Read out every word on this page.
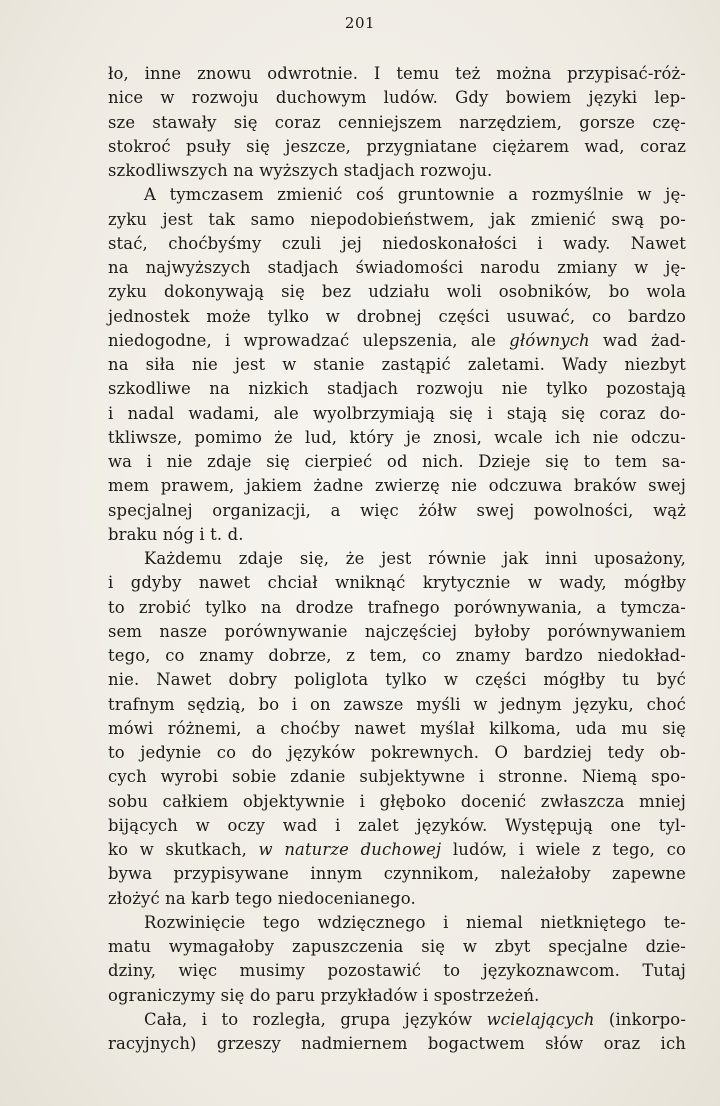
201
ło, inne znowu odwrotnie. I temu też można przypisać-róż-
nice w rozwoju duchowym ludów. Gdy bowiem języki lep-
sze stawały się coraz cenniejszem narzędziem, gorsze czę-
stokroć psuły się jeszcze, przygniatane ciężarem wad, coraz
szkodliwszych na wyższych stadjach rozwoju.
A tymczasem zmienić coś gruntownie a rozmyślnie w ję-
zyku jest tak samo niepodobieństwem, jak zmienić swą po-
stać, choćbyśmy czuli jej niedoskonałości i wady. Nawet
na najwyższych stadjach świadomości narodu zmiany w ję-
zyku dokonywają się bez udziału woli osobników, bo wola
jednostek może tylko w drobnej części usuwać, co bardzo
niedogodne, i wprowadzać ulepszenia, ale głównych wad żad-
na siła nie jest w stanie zastąpić zaletami. Wady niezbyt
szkodliwe na nizkich stadjach rozwoju nie tylko pozostają
i nadal wadami, ale wyolbrzymiają się i stają się coraz do-
tkliwsze, pomimo że lud, który je znosi, wcale ich nie odczu-
wa i nie zdaje się cierpieć od nich. Dzieje się to tem sa-
mem prawem, jakiem żadne zwierzę nie odczuwa braków swej
specjalnej organizacji, a więc żółw swej powolności, wąż
braku nóg i t. d.
Każdemu zdaje się, że jest równie jak inni uposażony,
i gdyby nawet chciał wniknąć krytycznie w wady, mógłby
to zrobić tylko na drodze trafnego porównywania, a tymcza-
sem nasze porównywanie najczęściej byłoby porównywaniem
tego, co znamy dobrze, z tem, co znamy bardzo niedokład-
nie. Nawet dobry poliglota tylko w części mógłby tu być
trafnym sędzią, bo i on zawsze myśli w jednym języku, choć
mówi różnemi, a choćby nawet myślał kilkoma, uda mu się
to jedynie co do języków pokrewnych. O bardziej tedy ob-
cych wyrobi sobie zdanie subjektywne i stronne. Niemą spo-
sobu całkiem objektywnie i głęboko docenić zwłaszcza mniej
bijących w oczy wad i zalet języków. Występują one tyl-
ko w skutkach, w naturze duchowej ludów, i wiele z tego, co
bywa przypisywane innym czynnikom, należałoby zapewne
złożyć na karb tego niedocenianego.
Rozwinięcie tego wdzięcznego i niemal nietkniętego te-
matu wymagałoby zapuszczenia się w zbyt specjalne dzie-
dziny, więc musimy pozostawić to językoznawcom. Tutaj
ograniczymy się do paru przykładów i spostrzeżeń.
Cała, i to rozległa, grupa języków wcielających (inkorpo-
racyjnych) grzeszy nadmiernem bogactwem słów oraz ich
